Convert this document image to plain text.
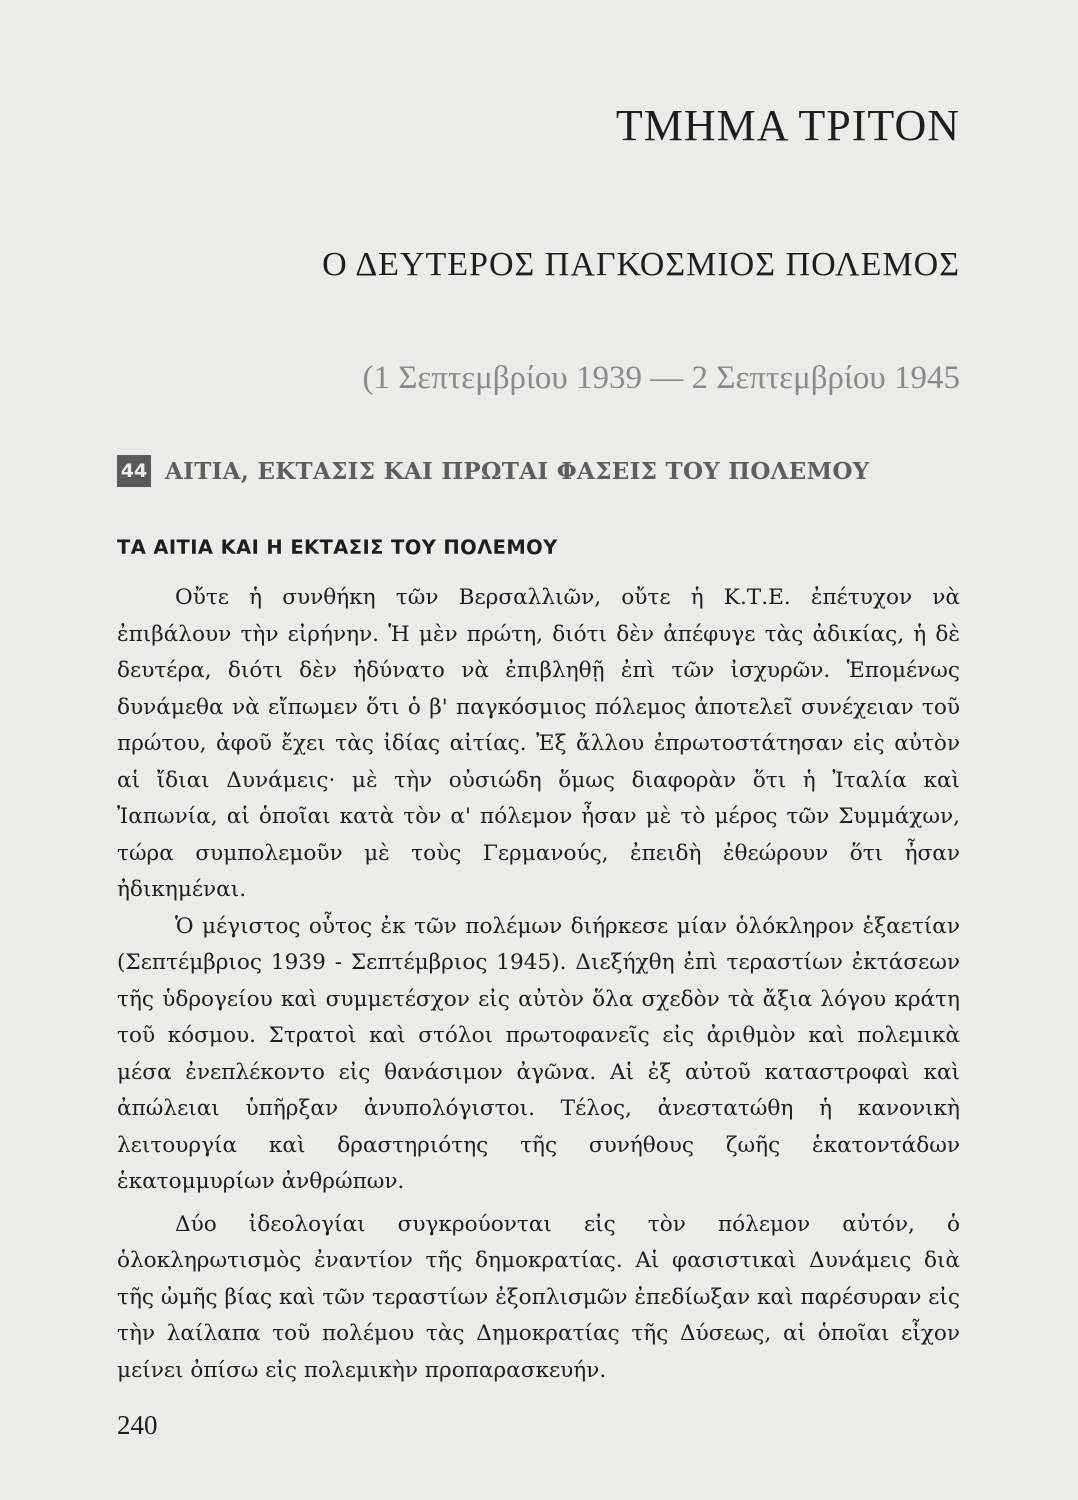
ΤΜΗΜΑ ΤΡΙΤΟΝ
Ο ΔΕΥΤΕΡΟΣ ΠΑΓΚΟΣΜΙΟΣ ΠΟΛΕΜΟΣ
(1 Σεπτεμβρίου 1939 — 2 Σεπτεμβρίου 1945
44 ΑΙΤΙΑ, ΕΚΤΑΣΙΣ ΚΑΙ ΠΡΩΤΑΙ ΦΑΣΕΙΣ ΤΟΥ ΠΟΛΕΜΟΥ
ΤΑ ΑΙΤΙΑ ΚΑΙ Η ΕΚΤΑΣΙΣ ΤΟΥ ΠΟΛΕΜΟΥ

Οὔτε ἡ συνθήκη τῶν Βερσαλλιῶν, οὔτε ἡ Κ.Τ.Ε. ἐπέτυχον νὰ ἐπιβάλουν τὴν εἰρήνην. Ἡ μὲν πρώτη, διότι δὲν ἀπέφυγε τὰς ἀδικίας, ἡ δὲ δευτέρα, διότι δὲν ἠδύνατο νὰ ἐπιβληθῇ ἐπὶ τῶν ἰσχυρῶν. Ἑπομένως δυνάμεθα νὰ εἴπωμεν ὅτι ὁ β' παγκόσμιος πόλεμος ἀποτελεῖ συνέχειαν τοῦ πρώτου, ἀφοῦ ἔχει τὰς ἰδίας αἰτίας. Ἐξ ἄλλου ἐπρωτοστάτησαν εἰς αὐτὸν αἱ ἴδιαι Δυνάμεις· μὲ τὴν οὐσιώδη ὅμως διαφορὰν ὅτι ἡ Ἰταλία καὶ Ἰαπωνία, αἱ ὁποῖαι κατὰ τὸν α' πόλεμον ἦσαν μὲ τὸ μέρος τῶν Συμμάχων, τώρα συμπολεμοῦν μὲ τοὺς Γερμανούς, ἐπειδὴ ἐθεώρουν ὅτι ἦσαν ἠδικημέναι.

Ὁ μέγιστος οὗτος ἐκ τῶν πολέμων διήρκεσε μίαν ὁλόκληρον ἑξαετίαν (Σεπτέμβριος 1939 - Σεπτέμβριος 1945). Διεξήχθη ἐπὶ τεραστίων ἐκτάσεων τῆς ὑδρογείου καὶ συμμετέσχον εἰς αὐτὸν ὅλα σχεδὸν τὰ ἄξια λόγου κράτη τοῦ κόσμου. Στρατοὶ καὶ στόλοι πρωτοφανεῖς εἰς ἀριθμὸν καὶ πολεμικὰ μέσα ἐνεπλέκοντο εἰς θανάσιμον ἀγῶνα. Αἱ ἐξ αὐτοῦ καταστροφαὶ καὶ ἀπώλειαι ὑπῆρξαν ἀνυπολόγιστοι. Τέλος, ἀνεστατώθη ἡ κανονικὴ λειτουργία καὶ δραστηριότης τῆς συνήθους ζωῆς ἑκατοντάδων ἑκατομμυρίων ἀνθρώπων.

Δύο ἰδεολογίαι συγκρούονται εἰς τὸν πόλεμον αὐτόν, ὁ ὁλοκληρωτισμὸς ἐναντίον τῆς δημοκρατίας. Αἱ φασιστικαὶ Δυνάμεις διὰ τῆς ὠμῆς βίας καὶ τῶν τεραστίων ἐξοπλισμῶν ἐπεδίωξαν καὶ παρέσυραν εἰς τὴν λαίλαπα τοῦ πολέμου τὰς Δημοκρατίας τῆς Δύσεως, αἱ ὁποῖαι εἶχον μείνει ὀπίσω εἰς πολεμικὴν προπαρασκευήν.

240
